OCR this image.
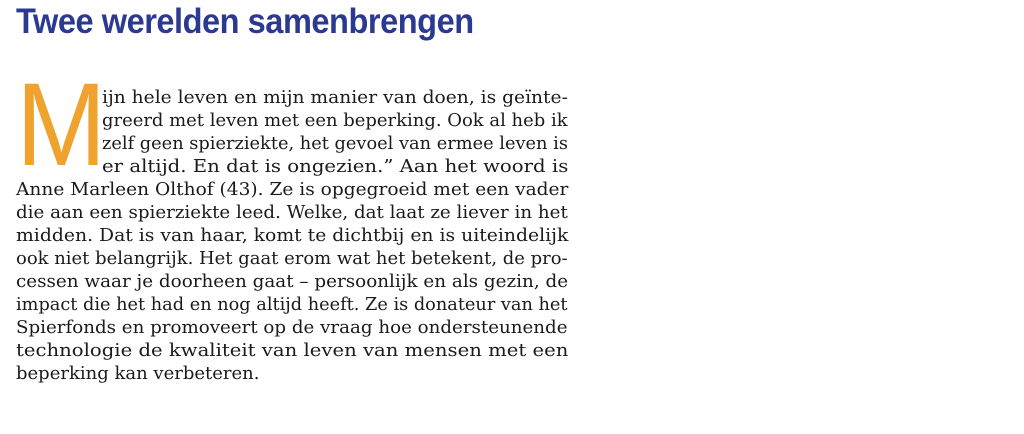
Twee werelden samenbrengen
M
ijn hele leven en mijn manier van doen, is geïnte-
greerd met leven met een beperking. Ook al heb ik
zelf geen spierziekte, het gevoel van ermee leven is
er altijd. En dat is ongezien.” Aan het woord is
Anne Marleen Olthof (43). Ze is opgegroeid met een vader
die aan een spierziekte leed. Welke, dat laat ze liever in het
midden. Dat is van haar, komt te dichtbij en is uiteindelijk
ook niet belangrijk. Het gaat erom wat het betekent, de pro-
cessen waar je doorheen gaat – persoonlijk en als gezin, de
impact die het had en nog altijd heeft. Ze is donateur van het
Spierfonds en promoveert op de vraag hoe ondersteunende
technologie de kwaliteit van leven van mensen met een
beperking kan verbeteren.
